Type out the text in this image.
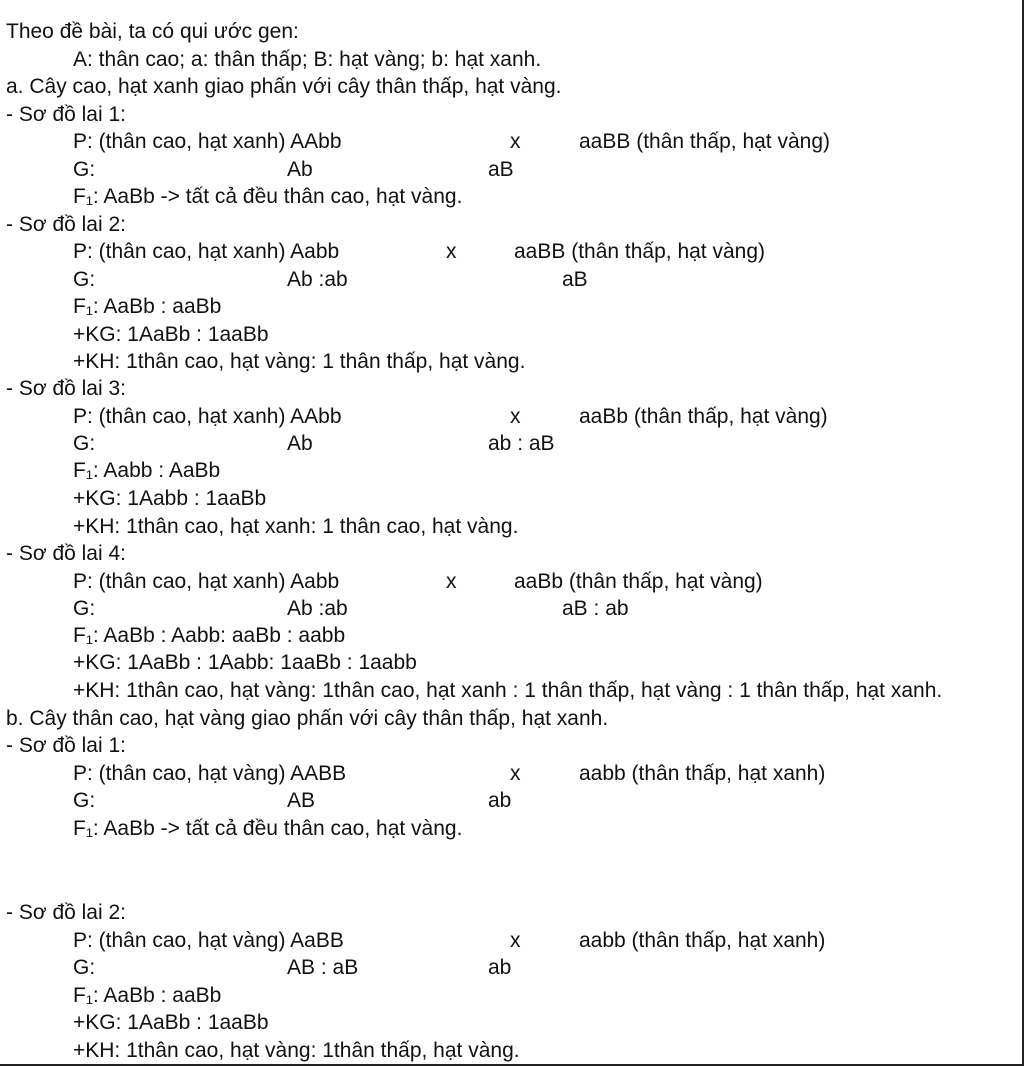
Theo đề bài, ta có qui ước gen:
A: thân cao; a: thân thấp; B: hạt vàng; b: hạt xanh.
a. Cây cao, hạt xanh giao phấn với cây thân thấp, hạt vàng.
- Sơ đồ lai 1:
P: (thân cao, hạt xanh) AAbb	x	aaBB (thân thấp, hạt vàng)
G:	Ab	aB
F₁: AaBb -> tất cả đều thân cao, hạt vàng.
- Sơ đồ lai 2:
P: (thân cao, hạt xanh) Aabb	x	aaBB (thân thấp, hạt vàng)
G:	Ab :ab	aB
F₁: AaBb : aaBb
+KG: 1AaBb : 1aaBb
+KH: 1thân cao, hạt vàng: 1 thân thấp, hạt vàng.
- Sơ đồ lai 3:
P: (thân cao, hạt xanh) AAbb	x	aaBb (thân thấp, hạt vàng)
G:	Ab	ab : aB
F₁: Aabb : AaBb
+KG: 1Aabb : 1aaBb
+KH: 1thân cao, hạt xanh: 1 thân cao, hạt vàng.
- Sơ đồ lai 4:
P: (thân cao, hạt xanh) Aabb	x	aaBb (thân thấp, hạt vàng)
G:	Ab :ab	aB : ab
F₁: AaBb : Aabb: aaBb : aabb
+KG: 1AaBb : 1Aabb: 1aaBb : 1aabb
+KH: 1thân cao, hạt vàng: 1thân cao, hạt xanh : 1 thân thấp, hạt vàng : 1 thân thấp, hạt xanh.
b. Cây thân cao, hạt vàng giao phấn với cây thân thấp, hạt xanh.
- Sơ đồ lai 1:
P: (thân cao, hạt vàng) AABB	x	aabb (thân thấp, hạt xanh)
G:	AB	ab
F₁: AaBb -> tất cả đều thân cao, hạt vàng.
- Sơ đồ lai 2:
P: (thân cao, hạt vàng) AaBB	x	aabb (thân thấp, hạt xanh)
G:	AB : aB	ab
F₁: AaBb : aaBb
+KG: 1AaBb : 1aaBb
+KH: 1thân cao, hạt vàng: 1thân thấp, hạt vàng.
